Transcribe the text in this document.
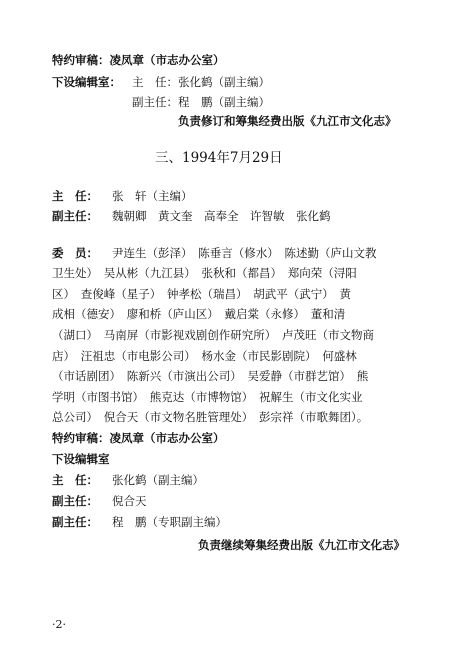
特约审稿：凌凤章（市志办公室）
下设编辑室： 主　任：张化鹤（副主编）
副主任：程　鹏（副主编）
负责修订和筹集经费出版《九江市文化志》
三、1994年7月29日
主　任： 张　轩（主编）
副主任： 魏朝卿　黄文奎　高奉全　许智敏　张化鹤
委　员： 尹连生（彭泽）　陈垂言（修水）　陈述勤（庐山文教
卫生处）　吴从彬（九江县）　张秋和（都昌）　郑向荣（浔阳
区）　查俊峰（星子）　钟孝松（瑞昌）　胡武平（武宁）　黄
成相（德安）　廖和桥（庐山区）　戴启棠（永修）　董和清
（湖口）　马南屏（市影视戏剧创作研究所）　卢茂旺（市文物商
店）　汪祖忠（市电影公司）　杨水金（市民影剧院）　何盛林
（市话剧团）　陈新兴（市演出公司）　吴爱静（市群艺馆）　熊
学明（市图书馆）　熊克达（市博物馆）　祝解生（市文化实业
总公司）　倪合天（市文物名胜管理处）　彭宗祥（市歌舞团）。
特约审稿：凌凤章（市志办公室）
下设编辑室
主　任： 张化鹤（副主编）
副主任： 倪合天
副主任： 程　鹏（专职副主编）
负责继续筹集经费出版《九江市文化志》
·2·
